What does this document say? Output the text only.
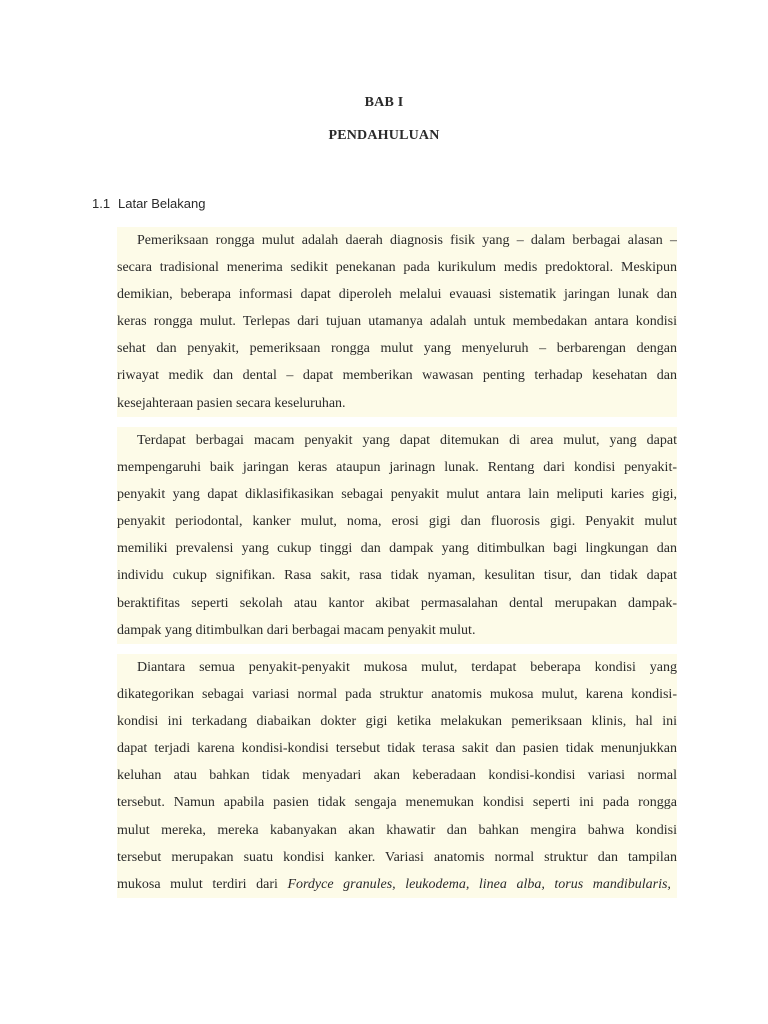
BAB I
PENDAHULUAN
1.1 Latar Belakang
Pemeriksaan rongga mulut adalah daerah diagnosis fisik yang – dalam berbagai alasan –
secara tradisional menerima sedikit penekanan pada kurikulum medis predoktoral. Meskipun
demikian, beberapa informasi dapat diperoleh melalui evauasi sistematik jaringan lunak dan
keras rongga mulut. Terlepas dari tujuan utamanya adalah untuk membedakan antara kondisi
sehat dan penyakit, pemeriksaan rongga mulut yang menyeluruh – berbarengan dengan
riwayat medik dan dental – dapat memberikan wawasan penting terhadap kesehatan dan
kesejahteraan pasien secara keseluruhan.
Terdapat berbagai macam penyakit yang dapat ditemukan di area mulut, yang dapat
mempengaruhi baik jaringan keras ataupun jarinagn lunak. Rentang dari kondisi penyakit-
penyakit yang dapat diklasifikasikan sebagai penyakit mulut antara lain meliputi karies gigi,
penyakit periodontal, kanker mulut, noma, erosi gigi dan fluorosis gigi. Penyakit mulut
memiliki prevalensi yang cukup tinggi dan dampak yang ditimbulkan bagi lingkungan dan
individu cukup signifikan. Rasa sakit, rasa tidak nyaman, kesulitan tisur, dan tidak dapat
beraktifitas seperti sekolah atau kantor akibat permasalahan dental merupakan dampak-
dampak yang ditimbulkan dari berbagai macam penyakit mulut.
Diantara semua penyakit-penyakit mukosa mulut, terdapat beberapa kondisi yang
dikategorikan sebagai variasi normal pada struktur anatomis mukosa mulut, karena kondisi-
kondisi ini terkadang diabaikan dokter gigi ketika melakukan pemeriksaan klinis, hal ini
dapat terjadi karena kondisi-kondisi tersebut tidak terasa sakit dan pasien tidak menunjukkan
keluhan atau bahkan tidak menyadari akan keberadaan kondisi-kondisi variasi normal
tersebut. Namun apabila pasien tidak sengaja menemukan kondisi seperti ini pada rongga
mulut mereka, mereka kabanyakan akan khawatir dan bahkan mengira bahwa kondisi
tersebut merupakan suatu kondisi kanker. Variasi anatomis normal struktur dan tampilan
mukosa mulut terdiri dari Fordyce granules, leukodema, linea alba, torus mandibularis,
